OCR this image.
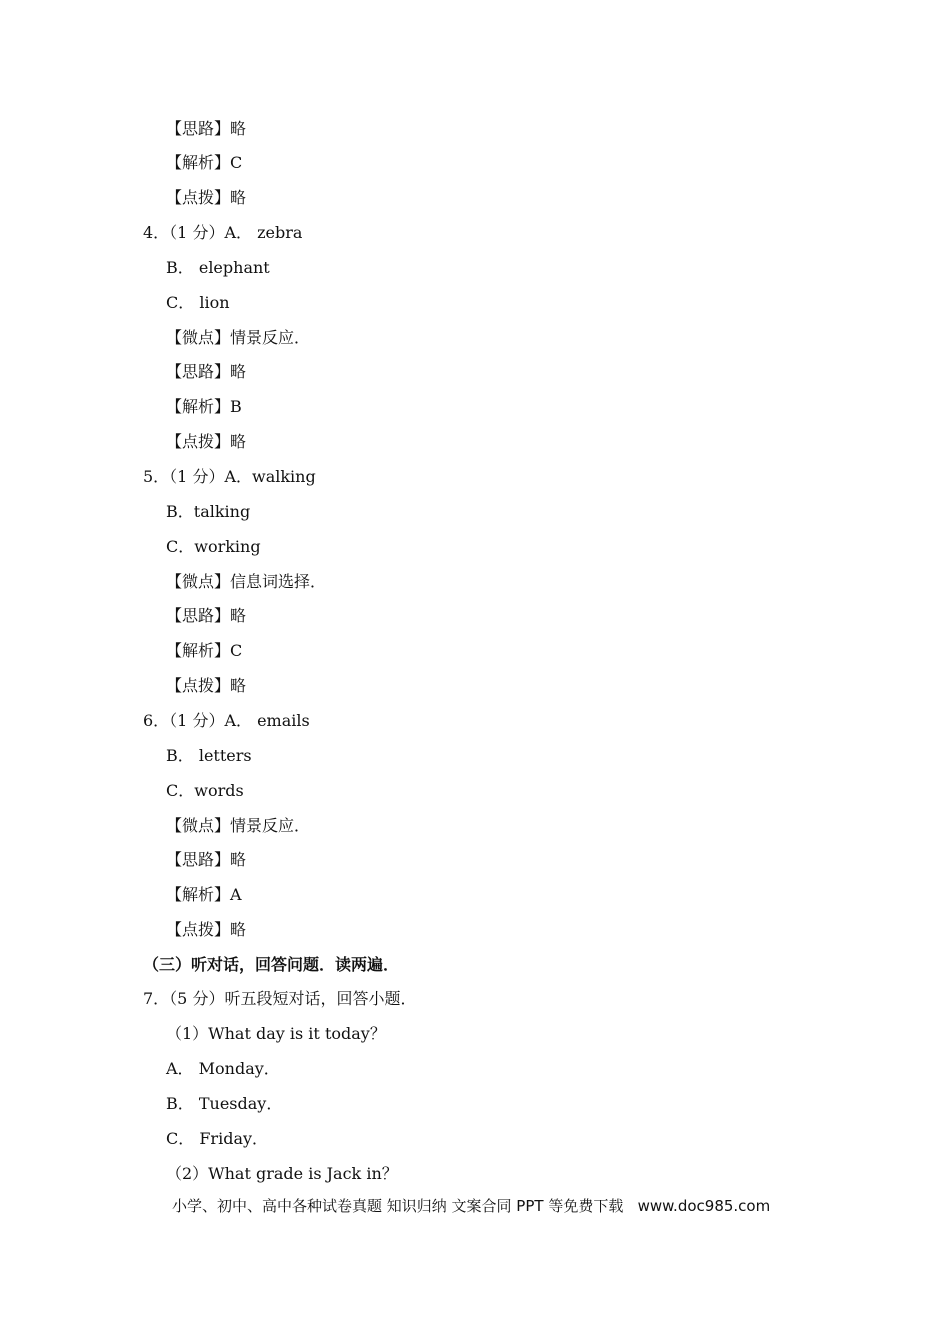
【思路】略
【解析】C
【点拨】略
4．（1 分）A． zebra
B． elephant
C． lion
【微点】情景反应．
【思路】略
【解析】B
【点拨】略
5．（1 分）A．walking
B．talking
C．working
【微点】信息词选择．
【思路】略
【解析】C
【点拨】略
6．（1 分）A． emails
B． letters
C．words
【微点】情景反应．
【思路】略
【解析】A
【点拨】略
（三）听对话，回答问题．读两遍．
7．（5 分）听五段短对话，回答小题．
（1）What day is it today？
A． Monday．
B． Tuesday．
C． Friday．
（2）What grade is Jack in？
小学、初中、高中各种试卷真题 知识归纳 文案合同 PPT 等免费下载   www.doc985.com
